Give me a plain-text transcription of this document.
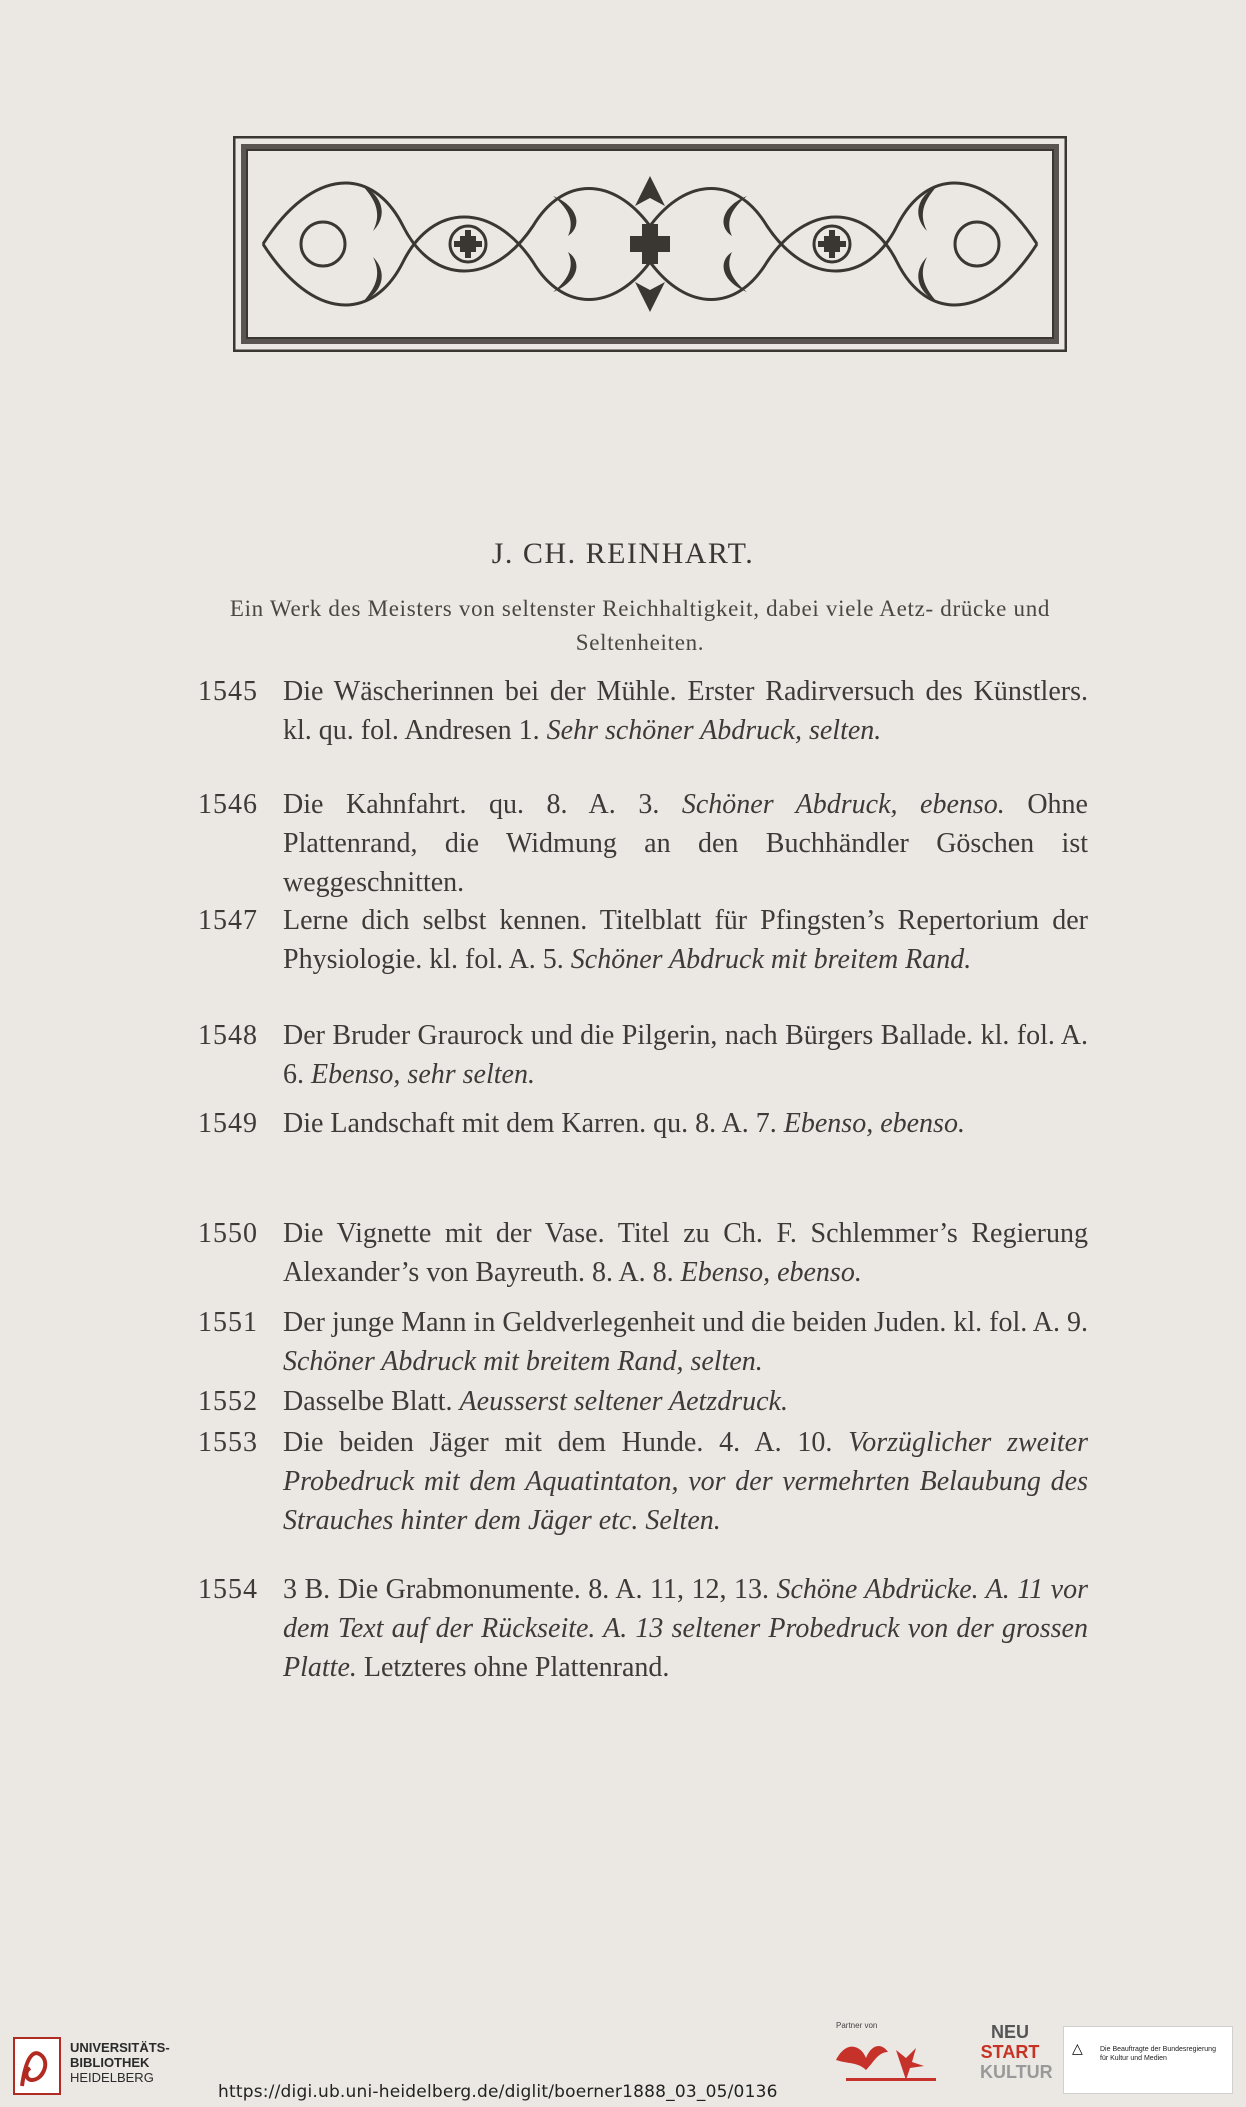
J. CH. REINHART.
Ein Werk des Meisters von seltenster Reichhaltigkeit, dabei viele Aetz- drücke und Seltenheiten.
1545 Die Wäscherinnen bei der Mühle. Erster Radirversuch des Künstlers. kl. qu. fol. Andresen 1. Sehr schöner Abdruck, selten.
1546 Die Kahnfahrt. qu. 8. A. 3. Schöner Abdruck, ebenso. Ohne Plattenrand, die Widmung an den Buchhändler Göschen ist weggeschnitten.
1547 Lerne dich selbst kennen. Titelblatt für Pfingsten’s Repertorium der Physiologie. kl. fol. A. 5. Schöner Abdruck mit breitem Rand.
1548 Der Bruder Graurock und die Pilgerin, nach Bürgers Ballade. kl. fol. A. 6. Ebenso, sehr selten.
1549 Die Landschaft mit dem Karren. qu. 8. A. 7. Ebenso, ebenso.
1550 Die Vignette mit der Vase. Titel zu Ch. F. Schlemmer’s Regierung Alexander’s von Bayreuth. 8. A. 8. Ebenso, ebenso.
1551 Der junge Mann in Geldverlegenheit und die beiden Juden. kl. fol. A. 9. Schöner Abdruck mit breitem Rand, selten.
1552 Dasselbe Blatt. Aeusserst seltener Aetzdruck.
1553 Die beiden Jäger mit dem Hunde. 4. A. 10. Vorzüglicher zweiter Probedruck mit dem Aquatintaton, vor der vermehrten Belaubung des Strauches hinter dem Jäger etc. Selten.
1554 3 B. Die Grabmonumente. 8. A. 11, 12, 13. Schöne Abdrücke. A. 11 vor dem Text auf der Rückseite. A. 13 seltener Probedruck von der grossen Platte. Letzteres ohne Plattenrand.
UNIVERSITÄTS-
BIBLIOTHEK
HEIDELBERG
https://digi.ub.uni-heidelberg.de/diglit/boerner1888_03_05/0136
Partner von	NEU
START
KULTUR
△ Die Beauftragte der Bundesregierung für Kultur und Medien
